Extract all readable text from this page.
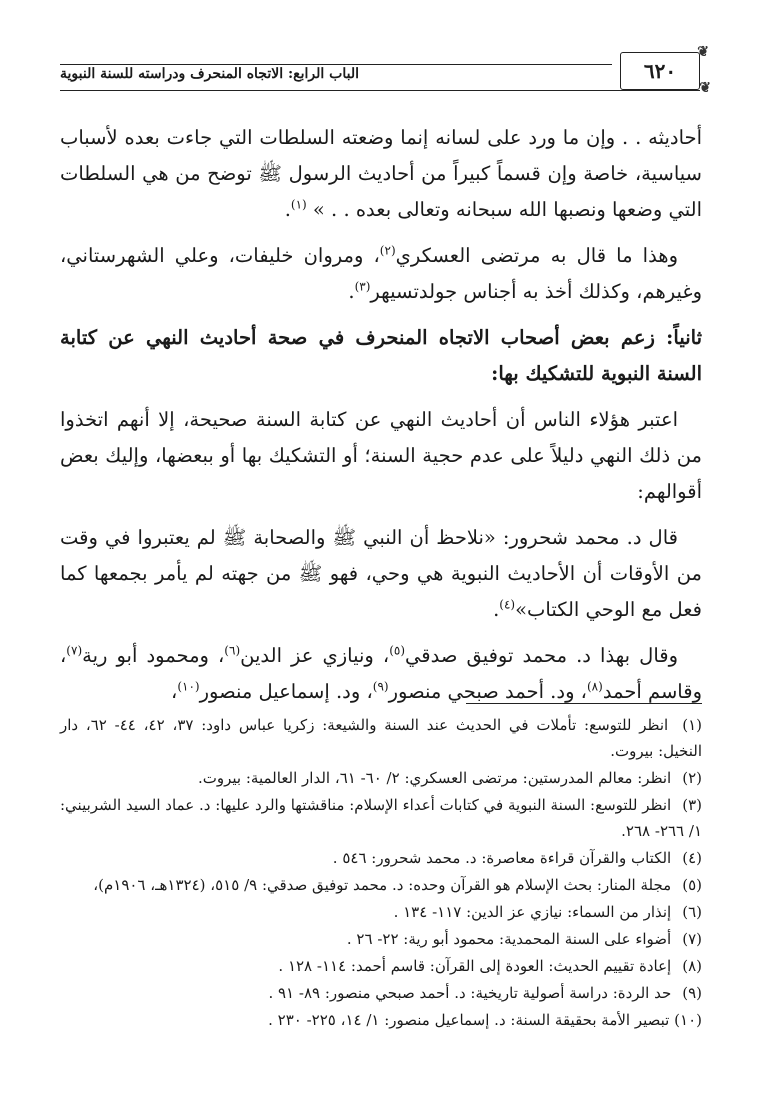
الباب الرابع: الاتجاه المنحرف ودراسته للسنة النبوية	٦٢٠
❦
❦

أحاديثه . . وإن ما ورد على لسانه إنما وضعته السلطات التي جاءت بعده لأسباب سياسية، خاصة وإن قسماً كبيراً من أحاديث الرسول ﷺ توضح من هي السلطات التي وضعها ونصبها الله سبحانه وتعالى بعده . . » $^{(١)}$.

وهذا ما قال به مرتضى العسكري$^{(٢)}$، ومروان خليفات، وعلي الشهرستاني، وغيرهم، وكذلك أخذ به أجناس جولدتسيهر$^{(٣)}$.

ثانياً: زعم بعض أصحاب الاتجاه المنحرف في صحة أحاديث النهي عن كتابة السنة النبوية للتشكيك بها:

اعتبر هؤلاء الناس أن أحاديث النهي عن كتابة السنة صحيحة، إلا أنهم اتخذوا من ذلك النهي دليلاً على عدم حجية السنة؛ أو التشكيك بها أو ببعضها، وإليك بعض أقوالهم:

قال د. محمد شحرور: «نلاحظ أن النبي ﷺ والصحابة ﷺ لم يعتبروا في وقت من الأوقات أن الأحاديث النبوية هي وحي، فهو ﷺ من جهته لم يأمر بجمعها كما فعل مع الوحي الكتاب»$^{(٤)}$.

وقال بهذا د. محمد توفيق صدقي$^{(٥)}$، ونيازي عز الدين$^{(٦)}$، ومحمود أبو رية$^{(٧)}$، وقاسم أحمد$^{(٨)}$، ود. أحمد صبحي منصور$^{(٩)}$، ود. إسماعيل منصور$^{(١٠)}$،

(١) انظر للتوسع: تأملات في الحديث عند السنة والشيعة: زكريا عباس داود: ٣٧، ٤٢، ٤٤- ٦٢، دار النخيل: بيروت.
(٢) انظر: معالم المدرستين: مرتضى العسكري: ٢/ ٦٠- ٦١، الدار العالمية: بيروت.
(٣) انظر للتوسع: السنة النبوية في كتابات أعداء الإسلام: مناقشتها والرد عليها: د. عماد السيد الشربيني: ١/ ٢٦٦- ٢٦٨.
(٤) الكتاب والقرآن قراءة معاصرة: د. محمد شحرور: ٥٤٦ .
(٥) مجلة المنار: بحث الإسلام هو القرآن وحده: د. محمد توفيق صدقي: ٩/ ٥١٥، (١٣٢٤هـ، ١٩٠٦م)،
(٦) إنذار من السماء: نيازي عز الدين: ١١٧- ١٣٤ .
(٧) أضواء على السنة المحمدية: محمود أبو رية: ٢٢- ٢٦ .
(٨) إعادة تقييم الحديث: العودة إلى القرآن: قاسم أحمد: ١١٤- ١٢٨ .
(٩) حد الردة: دراسة أصولية تاريخية: د. أحمد صبحي منصور: ٨٩- ٩١ .
(١٠) تبصير الأمة بحقيقة السنة: د. إسماعيل منصور: ١/ ١٤، ٢٢٥- ٢٣٠ .
